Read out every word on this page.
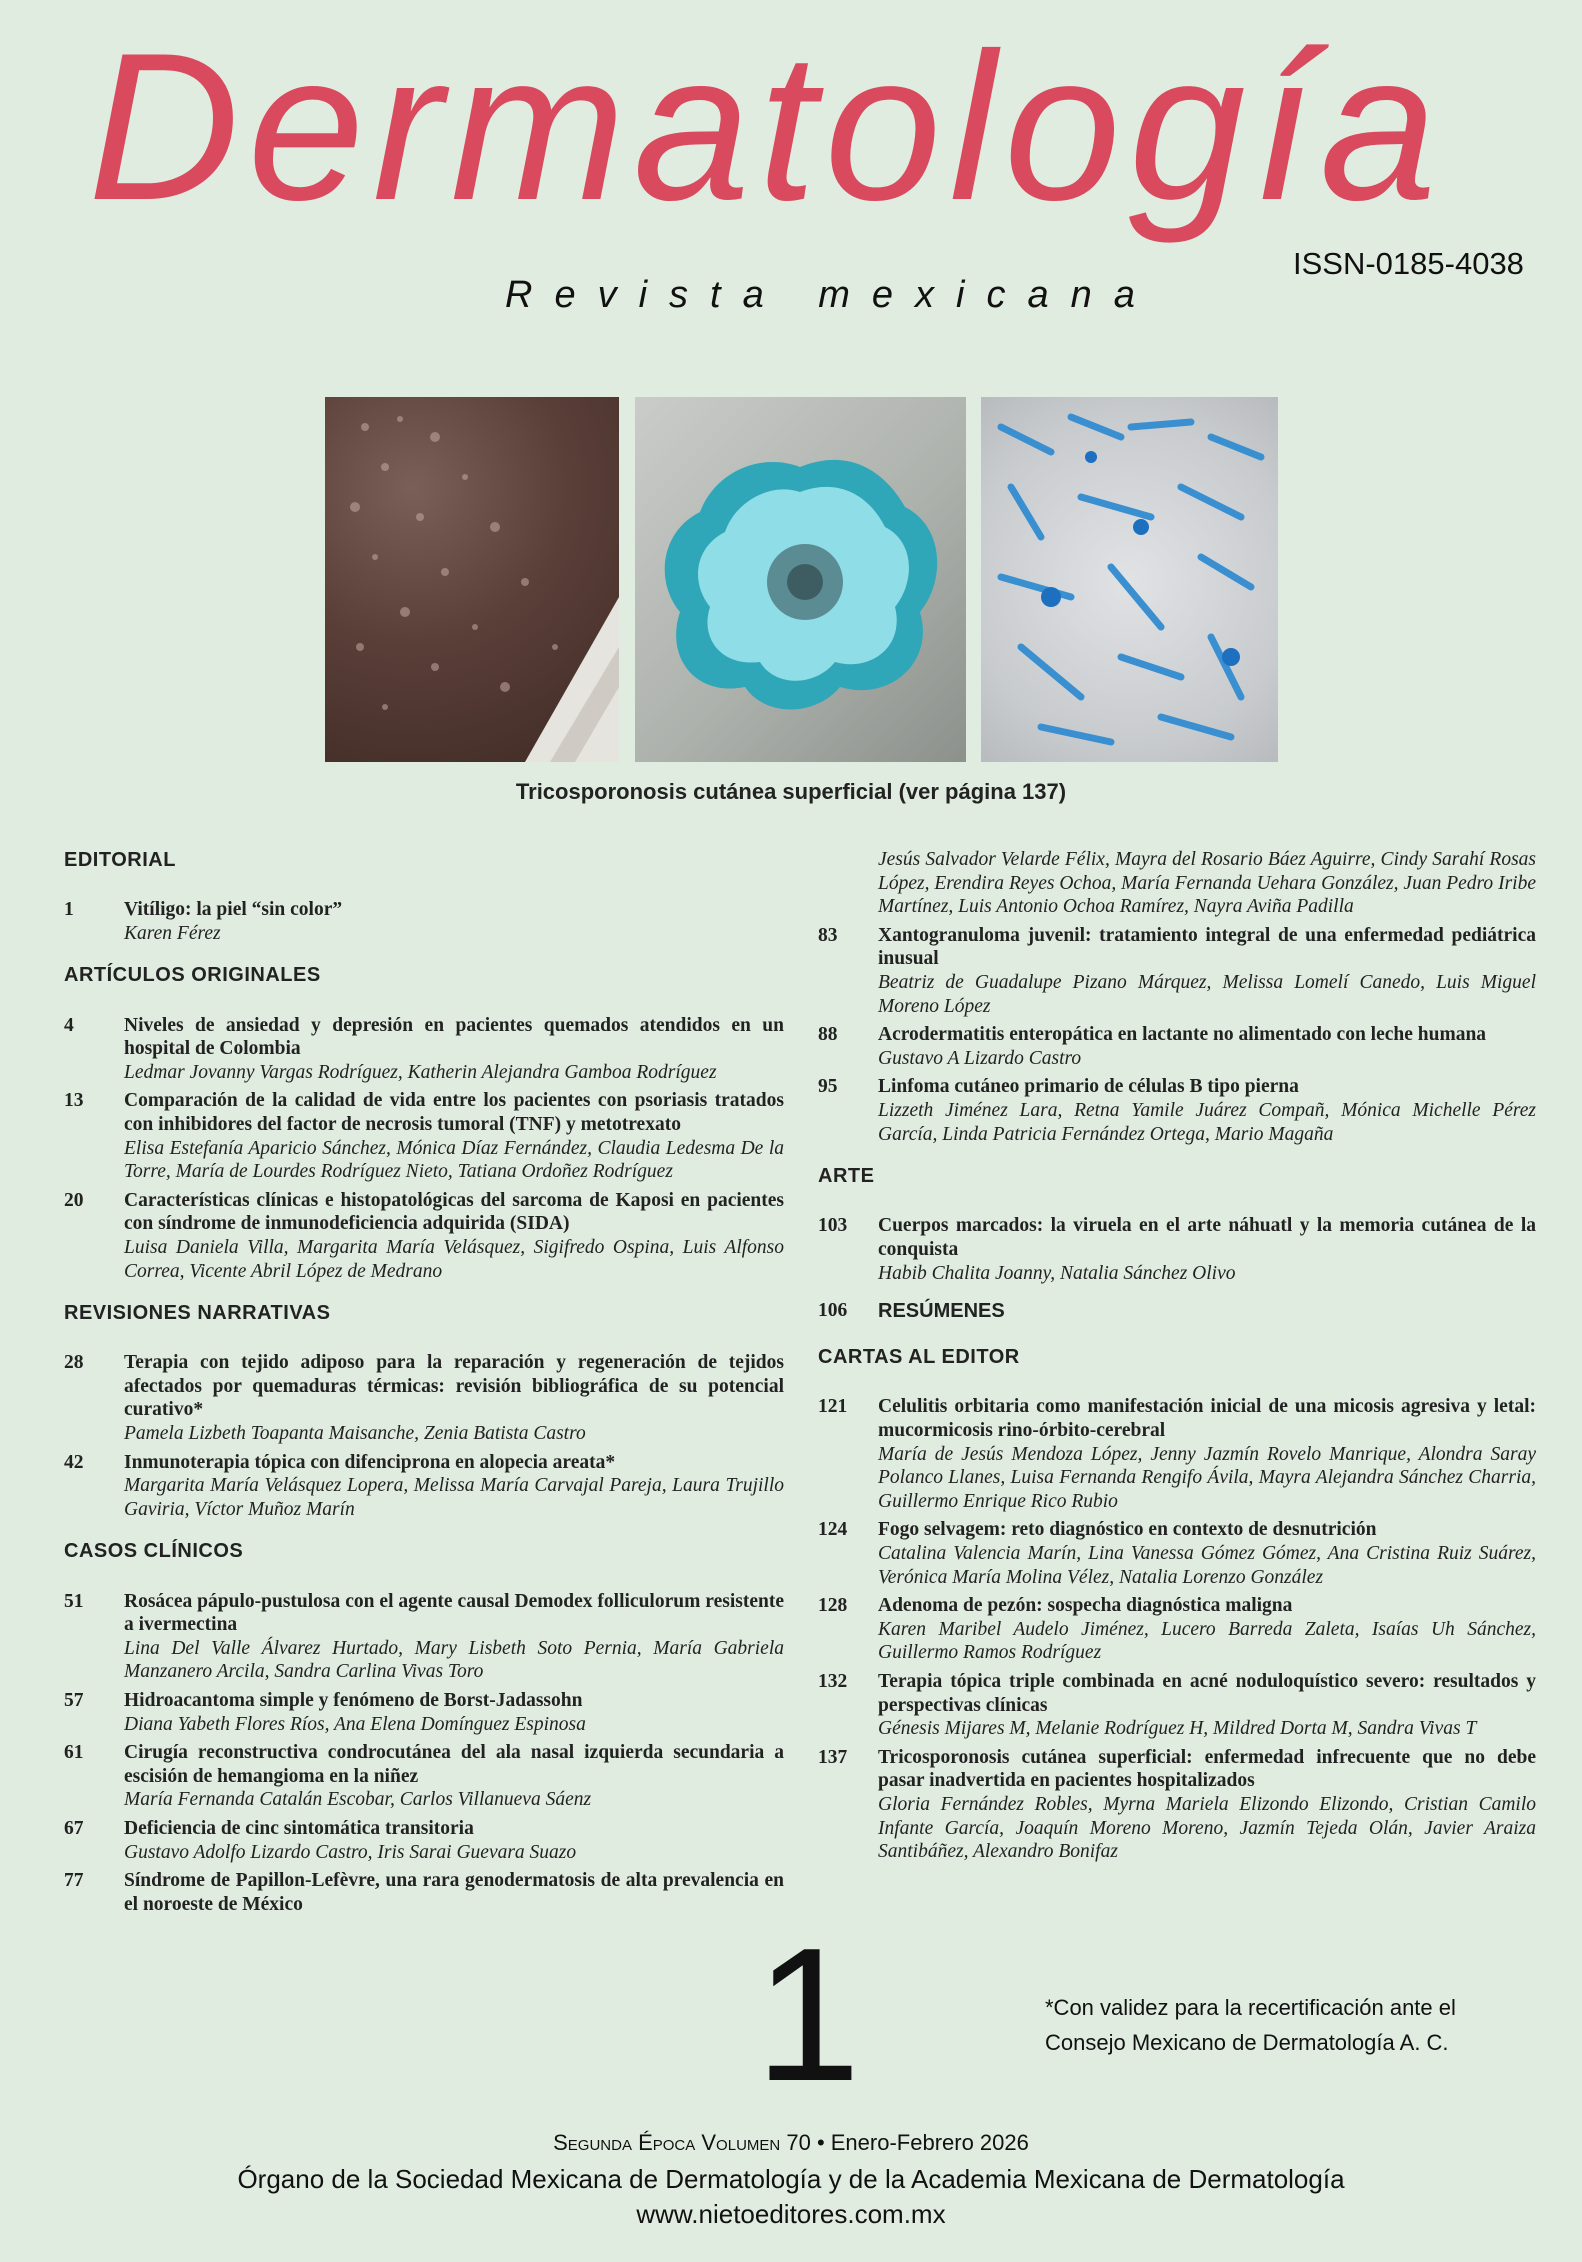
Dermatología
ISSN-0185-4038
Revista mexicana
Tricosporonosis cutánea superficial (ver página 137)
EDITORIAL
1	Vitíligo: la piel “sin color”
Karen Férez
ARTÍCULOS ORIGINALES
4	Niveles de ansiedad y depresión en pacientes quemados atendidos en un hospital de Colombia
Ledmar Jovanny Vargas Rodríguez, Katherin Alejandra Gamboa Rodríguez
13	Comparación de la calidad de vida entre los pacientes con psoriasis tratados con inhibidores del factor de necrosis tumoral (TNF) y metotrexato
Elisa Estefanía Aparicio Sánchez, Mónica Díaz Fernández, Claudia Ledesma De la Torre, María de Lourdes Rodríguez Nieto, Tatiana Ordoñez Rodríguez
20	Características clínicas e histopatológicas del sarcoma de Kaposi en pacientes con síndrome de inmunodeficiencia adquirida (SIDA)
Luisa Daniela Villa, Margarita María Velásquez, Sigifredo Ospina, Luis Alfonso Correa, Vicente Abril López de Medrano
REVISIONES NARRATIVAS
28	Terapia con tejido adiposo para la reparación y regeneración de tejidos afectados por quemaduras térmicas: revisión bibliográfica de su potencial curativo*
Pamela Lizbeth Toapanta Maisanche, Zenia Batista Castro
42	Inmunoterapia tópica con difenciprona en alopecia areata*
Margarita María Velásquez Lopera, Melissa María Carvajal Pareja, Laura Trujillo Gaviria, Víctor Muñoz Marín
CASOS CLÍNICOS
51	Rosácea pápulo-pustulosa con el agente causal Demodex folliculorum resistente a ivermectina
Lina Del Valle Álvarez Hurtado, Mary Lisbeth Soto Pernia, María Gabriela Manzanero Arcila, Sandra Carlina Vivas Toro
57	Hidroacantoma simple y fenómeno de Borst-Jadassohn
Diana Yabeth Flores Ríos, Ana Elena Domínguez Espinosa
61	Cirugía reconstructiva condrocutánea del ala nasal izquierda secundaria a escisión de hemangioma en la niñez
María Fernanda Catalán Escobar, Carlos Villanueva Sáenz
67	Deficiencia de cinc sintomática transitoria
Gustavo Adolfo Lizardo Castro, Iris Sarai Guevara Suazo
77	Síndrome de Papillon-Lefèvre, una rara genodermatosis de alta prevalencia en el noroeste de México
Jesús Salvador Velarde Félix, Mayra del Rosario Báez Aguirre, Cindy Sarahí Rosas López, Erendira Reyes Ochoa, María Fernanda Uehara González, Juan Pedro Iribe Martínez, Luis Antonio Ochoa Ramírez, Nayra Aviña Padilla
83	Xantogranuloma juvenil: tratamiento integral de una enfermedad pediátrica inusual
Beatriz de Guadalupe Pizano Márquez, Melissa Lomelí Canedo, Luis Miguel Moreno López
88	Acrodermatitis enteropática en lactante no alimentado con leche humana
Gustavo A Lizardo Castro
95	Linfoma cutáneo primario de células B tipo pierna
Lizzeth Jiménez Lara, Retna Yamile Juárez Compañ, Mónica Michelle Pérez García, Linda Patricia Fernández Ortega, Mario Magaña
ARTE
103	Cuerpos marcados: la viruela en el arte náhuatl y la memoria cutánea de la conquista
Habib Chalita Joanny, Natalia Sánchez Olivo
106	RESÚMENES
CARTAS AL EDITOR
121	Celulitis orbitaria como manifestación inicial de una micosis agresiva y letal: mucormicosis rino-órbito-cerebral
María de Jesús Mendoza López, Jenny Jazmín Rovelo Manrique, Alondra Saray Polanco Llanes, Luisa Fernanda Rengifo Ávila, Mayra Alejandra Sánchez Charria, Guillermo Enrique Rico Rubio
124	Fogo selvagem: reto diagnóstico en contexto de desnutrición
Catalina Valencia Marín, Lina Vanessa Gómez Gómez, Ana Cristina Ruiz Suárez, Verónica María Molina Vélez, Natalia Lorenzo González
128	Adenoma de pezón: sospecha diagnóstica maligna
Karen Maribel Audelo Jiménez, Lucero Barreda Zaleta, Isaías Uh Sánchez, Guillermo Ramos Rodríguez
132	Terapia tópica triple combinada en acné noduloquístico severo: resultados y perspectivas clínicas
Génesis Mijares M, Melanie Rodríguez H, Mildred Dorta M, Sandra Vivas T
137	Tricosporonosis cutánea superficial: enfermedad infrecuente que no debe pasar inadvertida en pacientes hospitalizados
Gloria Fernández Robles, Myrna Mariela Elizondo Elizondo, Cristian Camilo Infante García, Joaquín Moreno Moreno, Jazmín Tejeda Olán, Javier Araiza Santibáñez, Alexandro Bonifaz
1	*Con validez para la recertificación ante el
Consejo Mexicano de Dermatología A. C.
Segunda Época Volumen 70 • Enero-Febrero 2026
Órgano de la Sociedad Mexicana de Dermatología y de la Academia Mexicana de Dermatología
www.nietoeditores.com.mx
